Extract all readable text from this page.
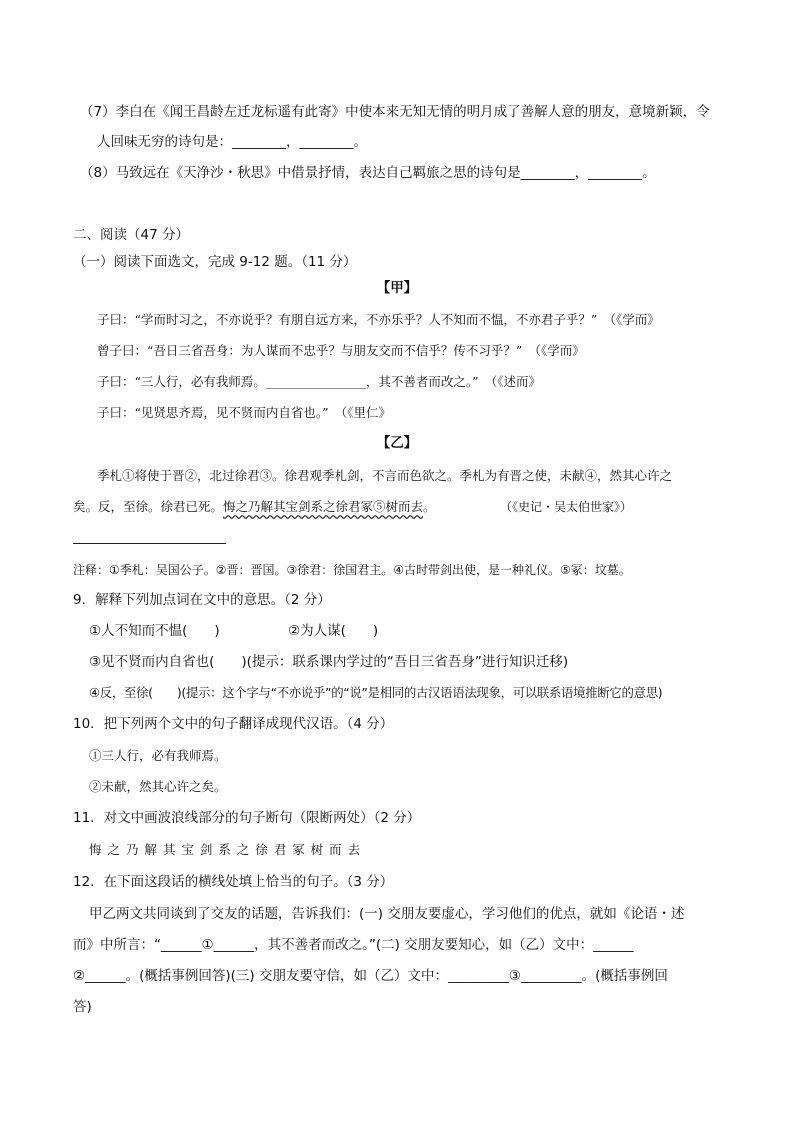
（7）李白在《闻王昌龄左迁龙标遥有此寄》中使本来无知无情的明月成了善解人意的朋友，意境新颖，令
人回味无穷的诗句是：________，________。
（8）马致远在《天净沙・秋思》中借景抒情，表达自己羁旅之思的诗句是________，________。
二、阅读（47 分）
（一）阅读下面选文，完成 9-12 题。（11 分）
【甲】
子曰：“学而时习之，不亦说乎？有朋自远方来，不亦乐乎？人不知而不愠，不亦君子乎？”　（《学而》
曾子曰：“吾日三省吾身：为人谋而不忠乎？与朋友交而不信乎？传不习乎？”　（《学而》
子曰：“三人行，必有我师焉。________________，其不善者而改之。”　（《述而》
子曰：“见贤思齐焉，见不贤而内自省也。”　（《里仁》
【乙】
季札①将使于晋②，北过徐君③。徐君观季札剑，不言而色欲之。季札为有晋之使，未献④，然其心许之
矣。反，至徐。徐君已死。悔之乃解其宝剑系之徐君冢⑤树而去。	（《史记・吴太伯世家》）
注释：①季札：吴国公子。②晋：晋国。③徐君：徐国君主。④古时带剑出使，是一种礼仪。⑤冢：坟墓。
9．解释下列加点词在文中的意思。（2 分）
①人不知而不愠(　　)	②为人谋(　　)
③见不贤而内自省也(　　)(提示：联系课内学过的“吾日三省吾身”进行知识迁移)
④反，至徐(　　)(提示：这个字与“不亦说乎”的“说”是相同的古汉语语法现象，可以联系语境推断它的意思)
10．把下列两个文中的句子翻译成现代汉语。（4 分）
①三人行，必有我师焉。
②未献，然其心许之矣。
11．对文中画波浪线部分的句子断句（限断两处）（2 分）
悔 之 乃 解 其 宝 剑 系 之 徐 君 冢 树 而 去
12．在下面这段话的横线处填上恰当的句子。（3 分）
甲乙两文共同谈到了交友的话题，告诉我们：(一) 交朋友要虚心，学习他们的优点，就如《论语・述
而》中所言：“______①______，其不善者而改之。”(二) 交朋友要知心，如（乙）文中：______
②______。(概括事例回答)(三) 交朋友要守信，如（乙）文中：_________③_________。(概括事例回
答)
